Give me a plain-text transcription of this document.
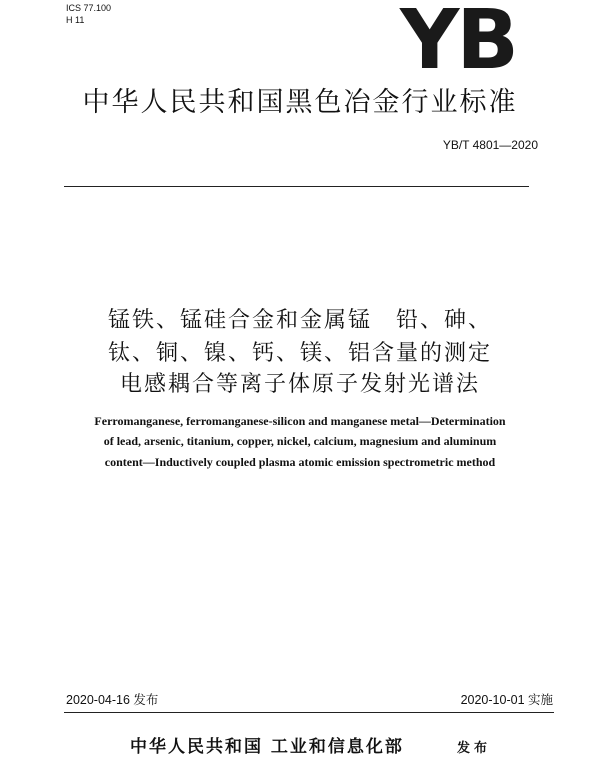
ICS 77.100
H 11	YB
中华人民共和国黑色冶金行业标准
YB/T 4801—2020
锰铁、锰硅合金和金属锰　铅、砷、
钛、铜、镍、钙、镁、铝含量的测定
电感耦合等离子体原子发射光谱法
Ferromanganese, ferromanganese-silicon and manganese metal—Determination
of lead, arsenic, titanium, copper, nickel, calcium, magnesium and aluminum
content—Inductively coupled plasma atomic emission spectrometric method
2020-04-16 发布	2020-10-01 实施
中华人民共和国 工业和信息化部	发布
